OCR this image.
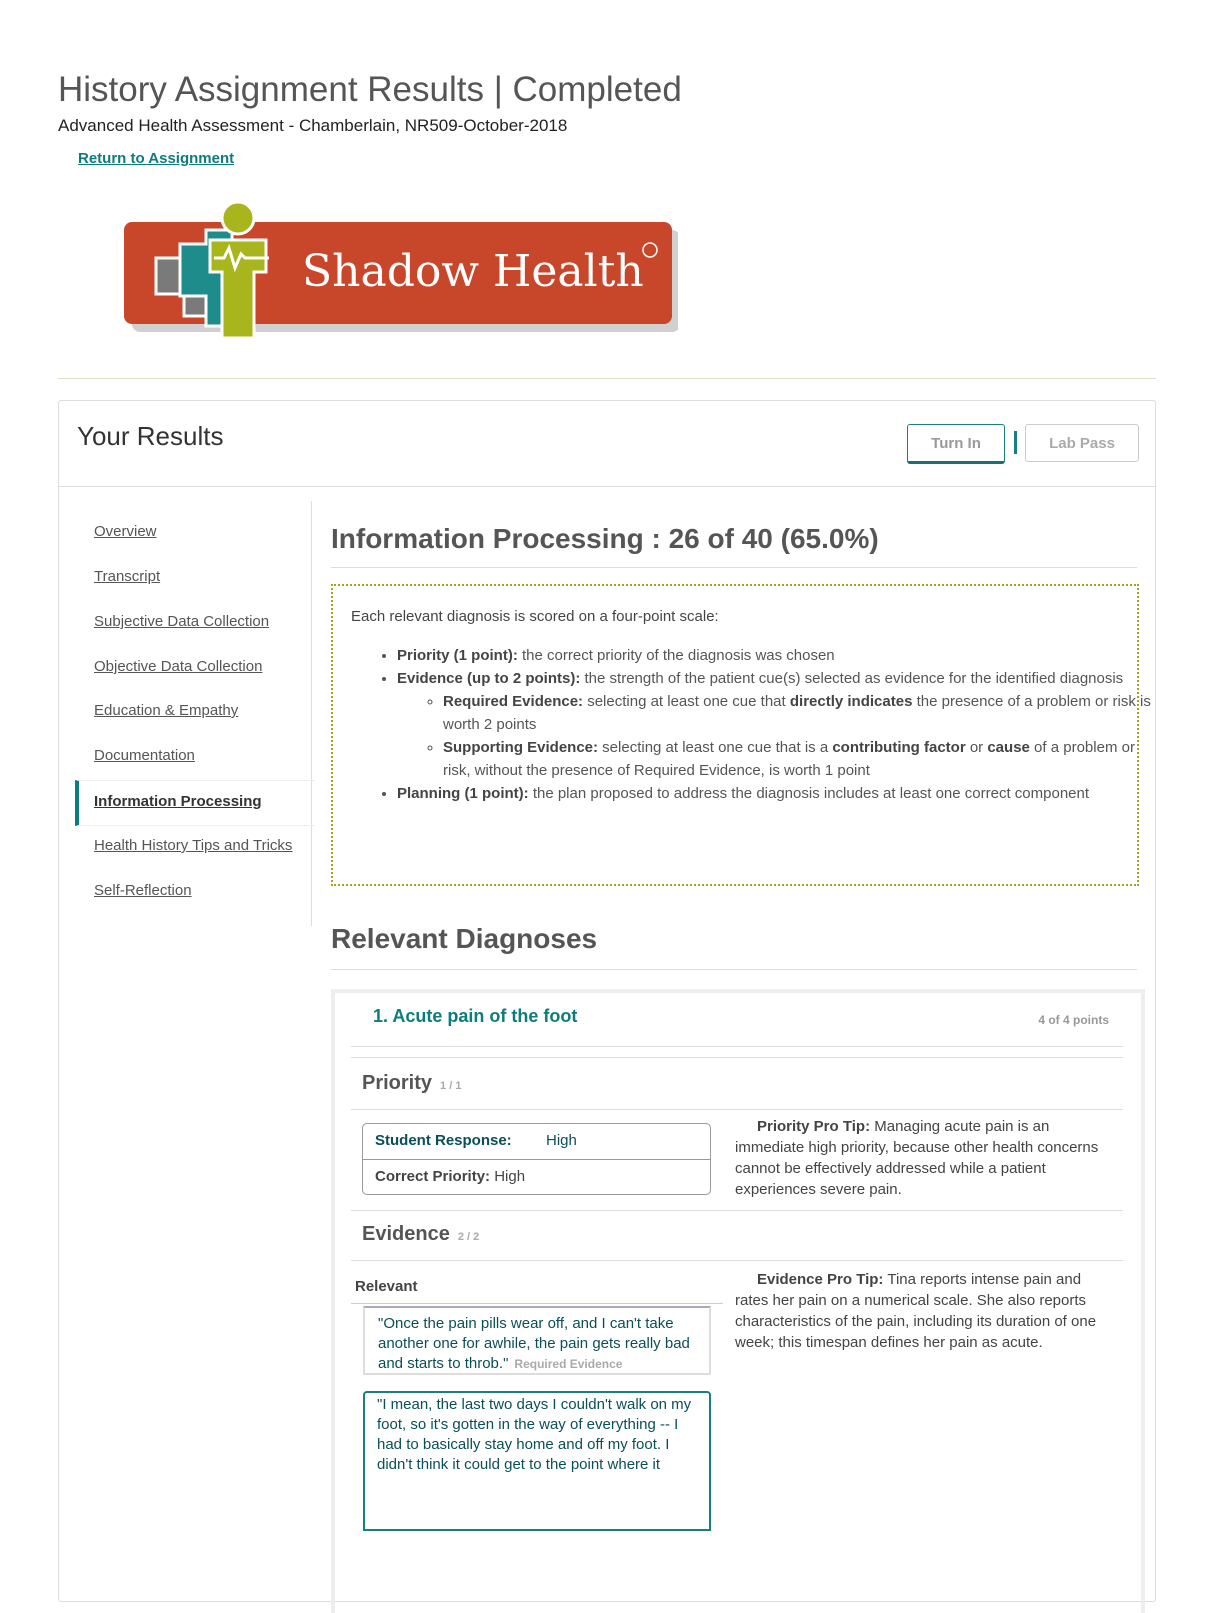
History Assignment Results | Completed
Advanced Health Assessment - Chamberlain, NR509-October-2018
Return to Assignment
Shadow Health
Your Results	Turn In	Lab Pass
Overview
Transcript
Subjective Data Collection
Objective Data Collection
Education & Empathy
Documentation
Information Processing
Health History Tips and Tricks
Self-Reflection
Information Processing : 26 of 40 (65.0%)
Each relevant diagnosis is scored on a four-point scale:
• Priority (1 point): the correct priority of the diagnosis was chosen
• Evidence (up to 2 points): the strength of the patient cue(s) selected as evidence for the identified diagnosis
◦ Required Evidence: selecting at least one cue that directly indicates the presence of a problem or risk is worth 2 points
◦ Supporting Evidence: selecting at least one cue that is a contributing factor or cause of a problem or risk, without the presence of Required Evidence, is worth 1 point
• Planning (1 point): the plan proposed to address the diagnosis includes at least one correct component
Relevant Diagnoses
1. Acute pain of the foot	4 of 4 points
Priority 1 / 1
Student Response: High
Correct Priority: High
Priority Pro Tip: Managing acute pain is an immediate high priority, because other health concerns cannot be effectively addressed while a patient experiences severe pain.
Evidence 2 / 2
Relevant	Evidence Pro Tip: Tina reports intense pain and rates her pain on a numerical scale. She also reports characteristics of the pain, including its duration of one week; this timespan defines her pain as acute.
"Once the pain pills wear off, and I can't take another one for awhile, the pain gets really bad and starts to throb." Required Evidence
"I mean, the last two days I couldn't walk on my foot, so it's gotten in the way of everything -- I had to basically stay home and off my foot. I didn't think it could get to the point where it
